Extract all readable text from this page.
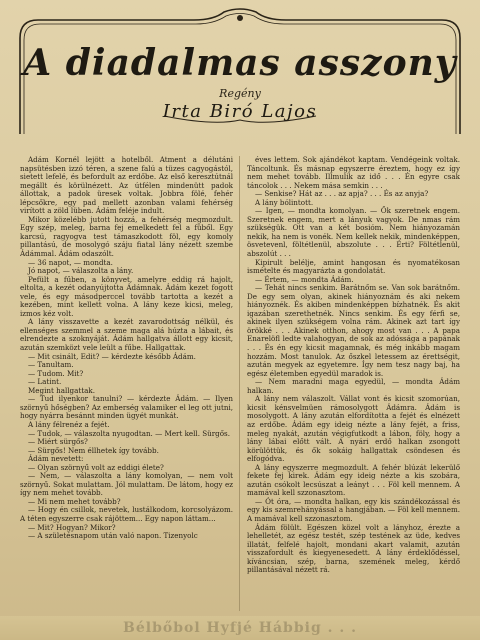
A diadalmas asszony
Regény
Irta Biró Lajos

Ádám Kornél lejött a hotelből. Átment a délutáni napsütésben izzó téren, a szene falú a tüzes cagyogástól, sietett lefelé, és befordult az erdőbe. Az első keresztútnál megállt és körülnézett. Az útfélen mindenütt padok állottak, a padok üresek voltak. Jobbra fölé, fehér lépcsőkre, egy pad mellett azonban valami fehérség virított a zöld lüben. Ádám feléje indult.

Mikor közelébb jutott hozzá, a fehérség megmozdult. Egy szép, meleg, barna fej emelkedett fel a füből. Egy karcsú, ragyogva test támaszkodott föl, egy komoly pillantású, de mosolygó száju fiatal lány nézett szembe Ádámmal. Ádám odaszólt.

— 36 napot, — mondta.

Jó napot, — válaszolta a lány.

Pefült a fűben, a könyvet, amelyre eddig rá hajolt, eltolta, a kezét odanyújtotta Ádámnak. Ádám kezet fogott vele, és egy másodperccel tovább tartotta a kezét a kezében, mint kellett volna. A lány keze kicsi, meleg, izmos kéz volt.

A lány visszavette a kezét zavarodottság nélkül, és ellenséges szemmel a szeme maga alá húzta a lábait, és elrendezte a szoknyáját. Ádám hallgatva állott egy kicsit, azután szemközt vele leült a fűbe. Hallgattak.

— Mit csinált, Edit? — kérdezte később Ádám.

— Tanultam.

— Tudom. Mit?

— Latint.

Megint hallgattak.

— Tud ilyenkor tanulni? — kérdezte Ádám. — Ilyen szörnyű hőségben? Az emberség valamiker el leg ott jutni, hogy nyárra besánnt minden ügyét munkát.

A lány félrenéz a fejét.

— Tudok, — válaszolta nyugodtan. — Mert kell. Sürgős.

— Miért sürgős?

— Sürgős! Nem éllhetek így tovább.

Ádám nevetett:

— Olyan szörnyű volt az eddigi élete?

— Nem, — válaszolta a lány komolyan, — nem volt szörnyű. Sokat mulattam. Jól mulattam. De látom, hogy ez így nem mehet tovább.

— Mi nem mehet tovább?

— Hogy én csillok, nevetek, lustálkodom, korcsolyázom. A téten egyszerre csak rájöttem... Egy napon láttam...

— Mit? Hogyan? Mikor?

— A születésnapom után való napon. Tizenyolc

éves lettem. Sok ajándékot kaptam. Vendégeink voltak. Táncoltunk. És másnap egyszerre éreztem, hogy ez így nem mehet tovább. Illmulik az idő . . . Én egyre csak táncolok . . . Nekem mása semkin . . .

— Senkise? Hát az . . . az apja? . . . És az anyja?

A lány bólintott.

— Igen, — mondta komolyan. — Ők szeretnek engem. Szeretnek engem, mert a lányuk vagyok. De nmas rám szükségük. Ott van a két bosióm. Nem hiányozamán nekik, ha nem is vonék. Nem kellek nekik, mindenképpen, ösvetevenl, föltétlenül, abszolute . . . Érti? Föltétlenül, abszolút . . .

Kipirult belélje, amint hangosan és nyomatékosan ismételte és magyarázta a gondolatát.

— Értem, — mondta Ádám.

— Tehát nincs senkim. Barátnőm se. Van sok barátnőm. De egy sem olyan, akinek hiányoznám és aki nekem hiányoznék. És akiben mindenképpen bízhatnék. És akit igazában szerethetnék. Nincs senkim. És egy férfi se, akinek ilyen szükségem volna rám. Akinek azt tart így örökké . . . Akinek otthon, ahogy most van . . . A papa Enarelöfl ledte valahogyan, de sok az adóssága a papának . . . És én egy kicsit magamnak, és még inkább magam hozzám. Most tanulok. Az őszkel letessem az érettségit, azután megyek az egyetemre. Így nem tesz nagy baj, ha egész életemben egyedül maradok is.

— Nem maradni maga egyedül, — mondta Ádám halkan.

A lány nem válaszolt. Vállat vont és kicsit szomorúan, kicsit kénsvelmüen rámosolygott Ádámra. Ádám is mosolygott. A lány azután elfordította a fejét és elnézett az erdőbe. Ádám egy ideig nézte a lány fejét, a friss, meleg nyakát, azután végigfutkodt a lábon, föly, hogy a lány lábai előtt vált. A nyári erdő halkan zsongott körülöttük, és ők sokáig hallgattak csöndesen és elfogódva.

A lány egyszerre megmozdult. A fehér blúzát lekerülő fekete fej kirek. Ádám egy ideig nézte a kis szobára, azután csókolt lecsúszat a leányt . . . Föl kell mennem. A mamával kell szzonasztom.

— Ót óra, — mondta halkan, egy kis szándékozással és egy kis szemrehányással a hangjában. — Föl kell mennem. A mamával kell szzonasztom.

Ádám fölült. Egészen közel volt a lányhoz, érezte a lehelletét, az egész testét, szép testének az üde, kedves illatát, felfelé hajolt, mondani akart valamit, azután visszafordult és kiegyenesedett. A lány érdeklődéssel, kíváncsian, szép, barna, szemének meleg, kérdő pillantásával nézett rá.

Bélbőbol Hyfjé Hábbig . . .
